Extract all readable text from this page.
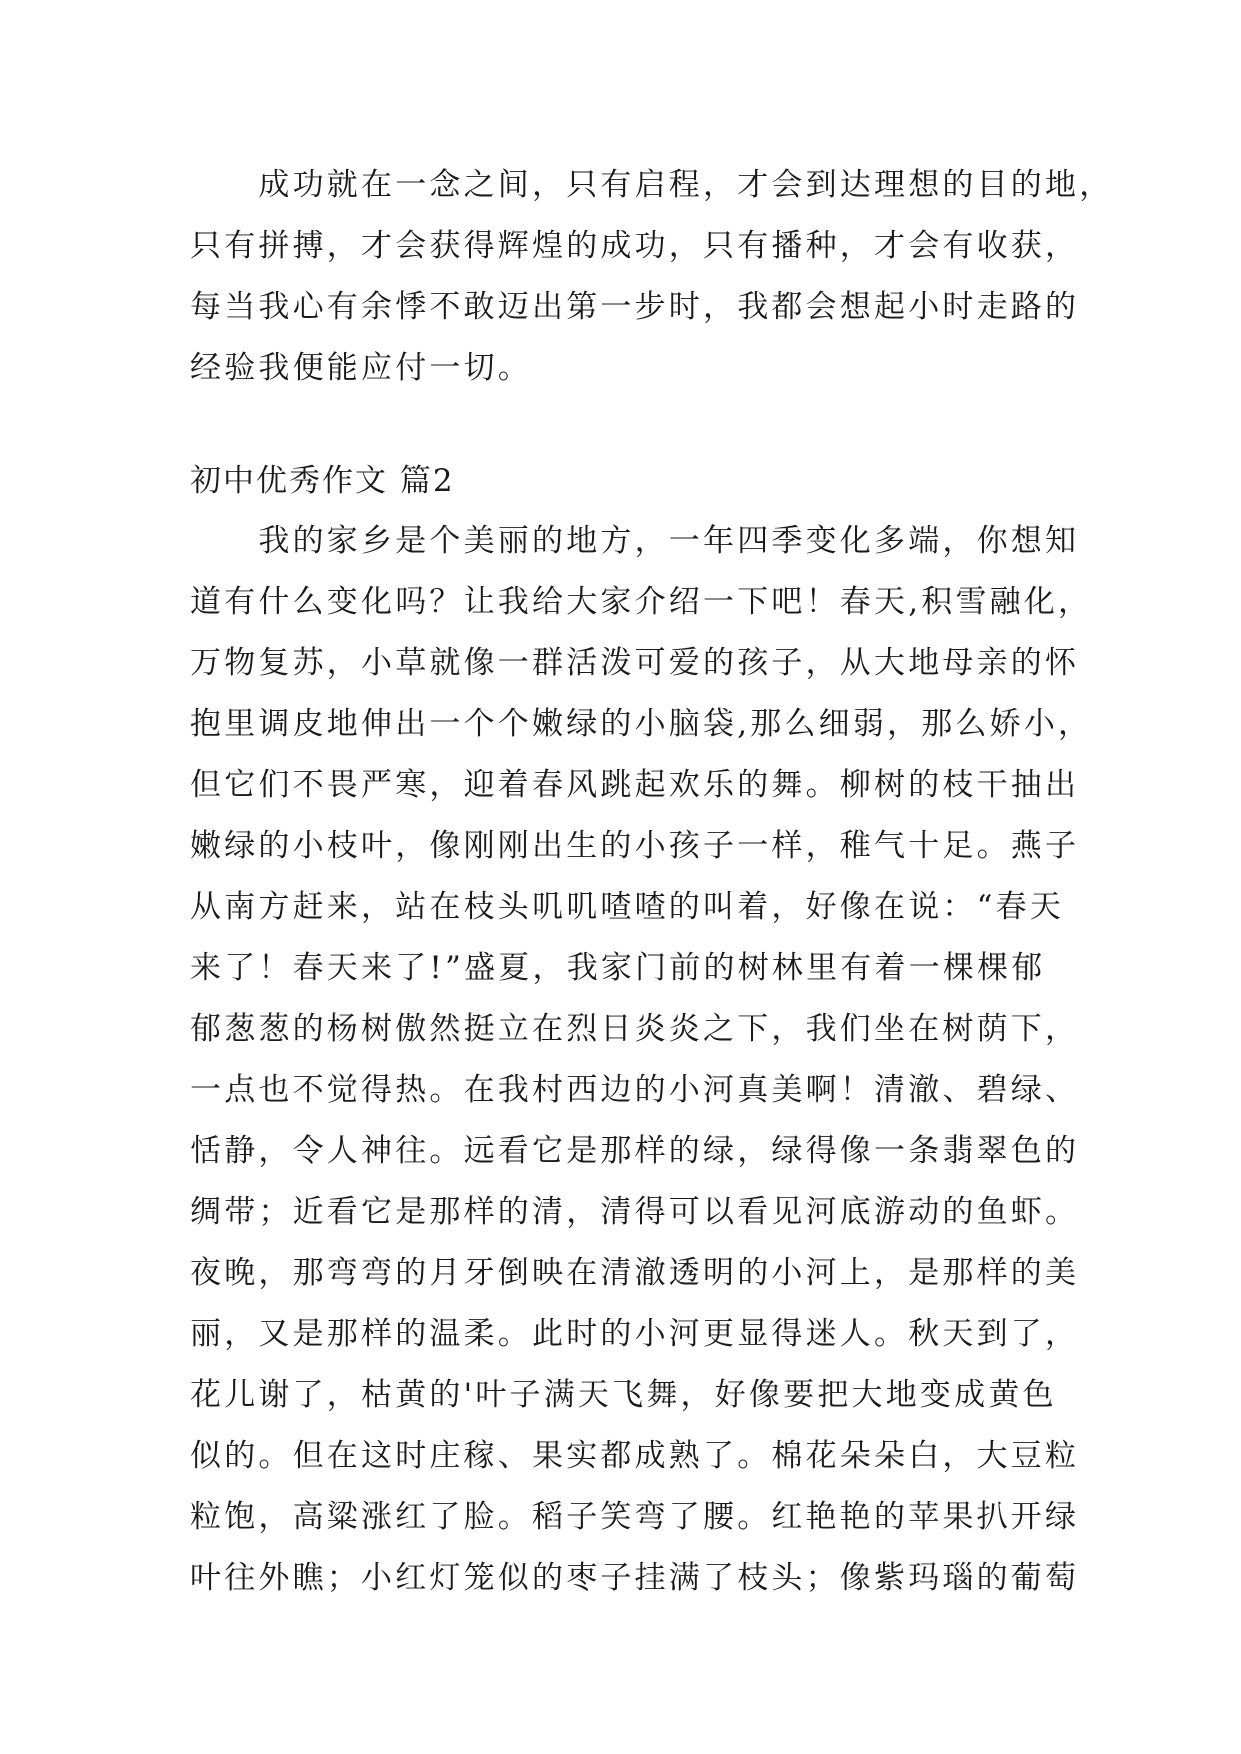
　　成功就在一念之间，只有启程，才会到达理想的目的地，
只有拼搏，才会获得辉煌的成功，只有播种，才会有收获，
每当我心有余悸不敢迈出第一步时，我都会想起小时走路的
经验我便能应付一切。
初中优秀作文 篇2
　　我的家乡是个美丽的地方，一年四季变化多端，你想知
道有什么变化吗？让我给大家介绍一下吧！春天,积雪融化，
万物复苏，小草就像一群活泼可爱的孩子，从大地母亲的怀
抱里调皮地伸出一个个嫩绿的小脑袋,那么细弱，那么娇小，
但它们不畏严寒，迎着春风跳起欢乐的舞。柳树的枝干抽出
嫩绿的小枝叶，像刚刚出生的小孩子一样，稚气十足。燕子
从南方赶来，站在枝头叽叽喳喳的叫着，好像在说：“春天
来了！春天来了!”盛夏，我家门前的树林里有着一棵棵郁
郁葱葱的杨树傲然挺立在烈日炎炎之下，我们坐在树荫下，
一点也不觉得热。在我村西边的小河真美啊！清澈、碧绿、
恬静，令人神往。远看它是那样的绿，绿得像一条翡翠色的
绸带；近看它是那样的清，清得可以看见河底游动的鱼虾。
夜晚，那弯弯的月牙倒映在清澈透明的小河上，是那样的美
丽，又是那样的温柔。此时的小河更显得迷人。秋天到了，
花儿谢了，枯黄的'叶子满天飞舞，好像要把大地变成黄色
似的。但在这时庄稼、果实都成熟了。棉花朵朵白，大豆粒
粒饱，高粱涨红了脸。稻子笑弯了腰。红艳艳的苹果扒开绿
叶往外瞧；小红灯笼似的枣子挂满了枝头；像紫玛瑙的葡萄
